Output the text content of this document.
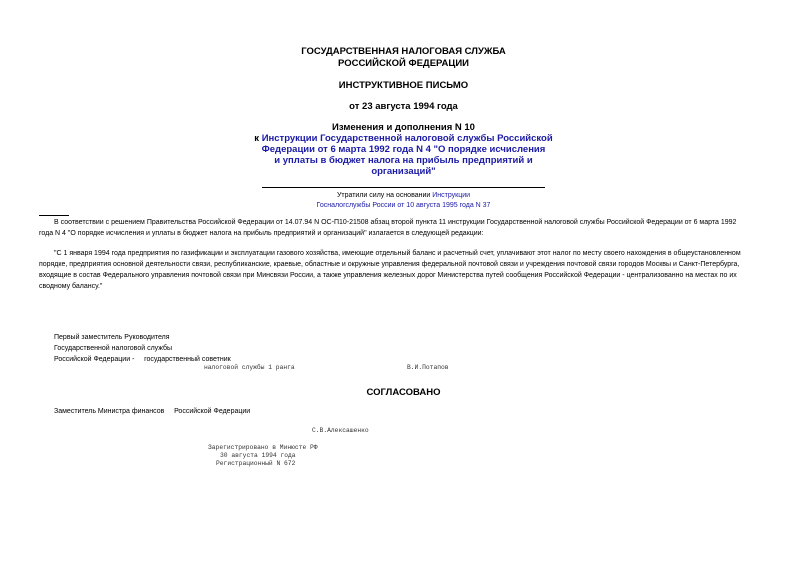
ГОСУДАРСТВЕННАЯ НАЛОГОВАЯ СЛУЖБА
РОССИЙСКОЙ ФЕДЕРАЦИИ
ИНСТРУКТИВНОЕ ПИСЬМО
от 23 августа 1994 года
Изменения и дополнения N 10
к Инструкции Государственной налоговой службы Российской
Федерации от 6 марта 1992 года N 4 "О порядке исчисления
и уплаты в бюджет налога на прибыль предприятий и
организаций"
Утратили силу на основании Инструкции
Госналогслужбы России от 10 августа 1995 года N 37
В соответствии с решением Правительства Российской Федерации от 14.07.94 N ОС-П10-21508 абзац второй пункта 11 инструкции Государственной налоговой службы Российской Федерации от 6 марта 1992
года N 4 "О порядке исчисления и уплаты в бюджет налога на прибыль предприятий и организаций" излагается в следующей редакции:
"С 1 января 1994 года предприятия по газификации и эксплуатации газового хозяйства, имеющие отдельный баланс и расчетный счет, уплачивают этот налог по месту своего нахождения в общеустановленном
порядке, предприятия основной деятельности связи, республиканские, краевые, областные и окружные управления федеральной почтовой связи и учреждения почтовой связи городов Москвы и Санкт-Петербурга,
входящие в состав Федерального управления почтовой связи при Минсвязи России, а также управления железных дорог Министерства путей сообщения Российской Федерации - централизованно на местах по их
сводному балансу."
Первый заместитель Руководителя
Государственной налоговой службы
Российской Федерации -     государственный советник
налоговой службы 1 ранга	В.И.Потапов
СОГЛАСОВАНО
Заместитель Министра финансов     Российской Федерации
С.В.Алексашенко
Зарегистрировано в Минюсте РФ
30 августа 1994 года
Регистрационный N 672
